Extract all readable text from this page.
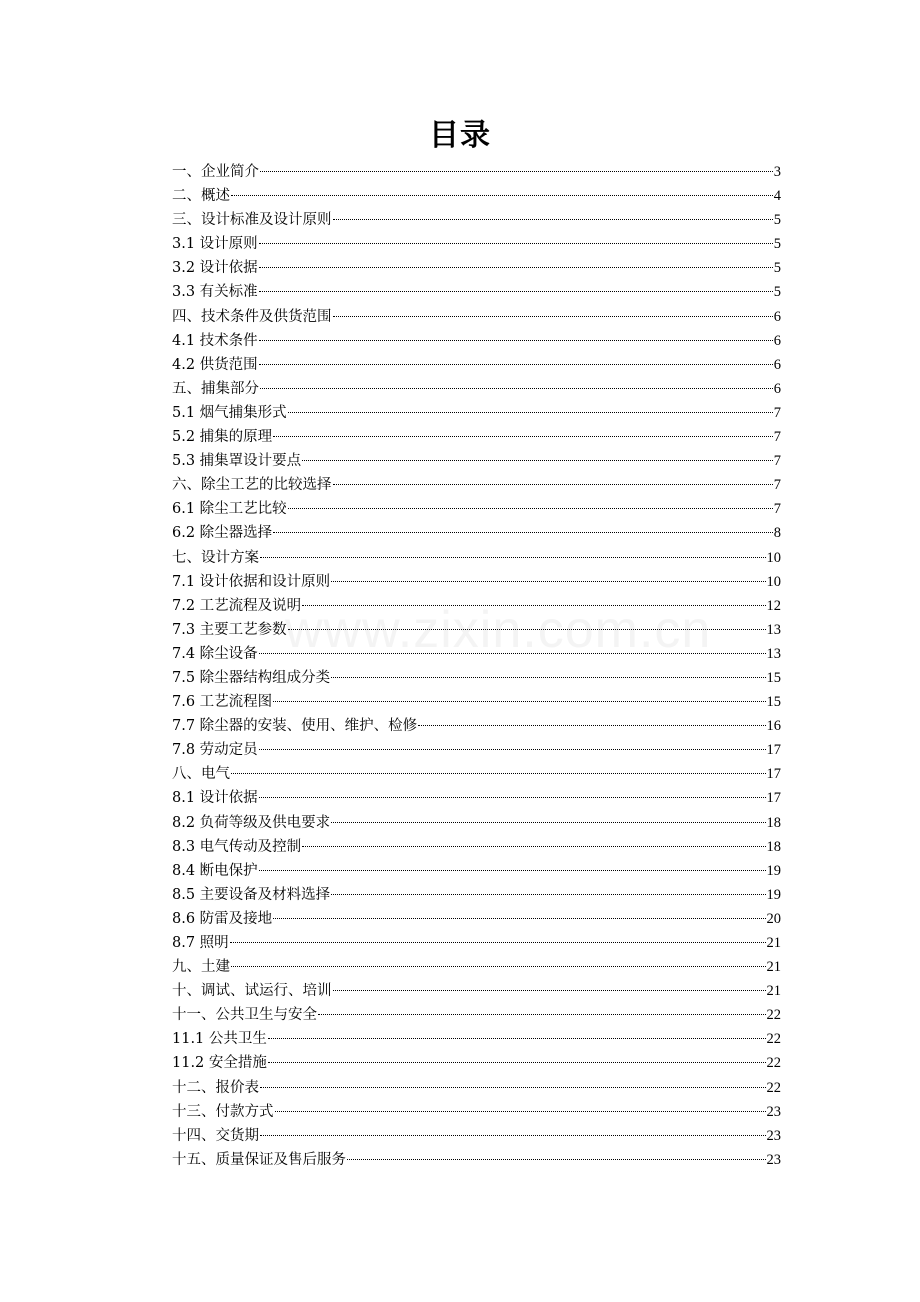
目录
一、企业简介	3
二、概述	4
三、设计标准及设计原则	5
3.1 设计原则	5
3.2 设计依据	5
3.3 有关标准	5
四、技术条件及供货范围	6
4.1 技术条件	6
4.2 供货范围	6
五、捕集部分	6
5.1 烟气捕集形式	7
5.2 捕集的原理	7
5.3 捕集罩设计要点	7
六、除尘工艺的比较选择	7
6.1 除尘工艺比较	7
6.2 除尘器选择	8
七、设计方案	10
7.1 设计依据和设计原则	10
7.2 工艺流程及说明	12
7.3 主要工艺参数	13
7.4 除尘设备	13
7.5 除尘器结构组成分类	15
7.6 工艺流程图	15
7.7 除尘器的安装、使用、维护、检修	16
7.8 劳动定员	17
八、电气	17
8.1 设计依据	17
8.2 负荷等级及供电要求	18
8.3 电气传动及控制	18
8.4 断电保护	19
8.5 主要设备及材料选择	19
8.6 防雷及接地	20
8.7 照明	21
九、土建	21
十、调试、试运行、培训	21
十一、公共卫生与安全	22
11.1 公共卫生	22
11.2 安全措施	22
十二、报价表	22
十三、付款方式	23
十四、交货期	23
十五、质量保证及售后服务	23
www.zixin.com.cn
